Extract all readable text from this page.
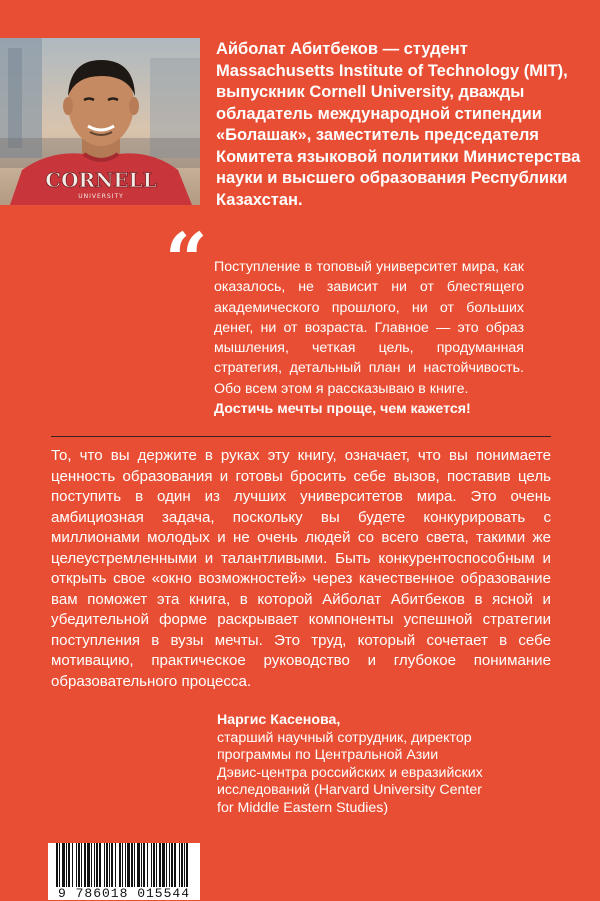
CORNELL
UNIVERSITY
Айболат Абитбеков — студент Massachusetts Institute of Technology (MIT), выпускник Cornell University, дважды обладатель международной стипендии «Болашак», заместитель председателя Комитета языковой политики Министерства науки и высшего образования Республики Казахстан.
“ Поступление в топовый университет мира, как оказалось, не зависит ни от блестящего академического прошлого, ни от больших денег, ни от возраста. Главное — это образ мышления, четкая цель, продуманная стратегия, детальный план и настойчивость. Обо всем этом я рассказываю в книге.
Достичь мечты проще, чем кажется!
То, что вы держите в руках эту книгу, означает, что вы понимаете ценность образования и готовы бросить себе вызов, поставив цель поступить в один из лучших университетов мира. Это очень амбициозная задача, поскольку вы будете конкурировать с миллионами молодых и не очень людей со всего света, такими же целеустремленными и талантливыми. Быть конкурентоспособным и открыть свое «окно возможностей» через качественное образование вам поможет эта книга, в которой Айболат Абитбеков в ясной и убедительной форме раскрывает компоненты успешной стратегии поступления в вузы мечты. Это труд, который сочетает в себе мотивацию, практическое руководство и глубокое понимание образовательного процесса.
Наргис Касенова,
старший научный сотрудник, директор
программы по Центральной Азии
Дэвис-центра российских и евразийских
исследований (Harvard University Center
for Middle Eastern Studies)
9 786018 015544
